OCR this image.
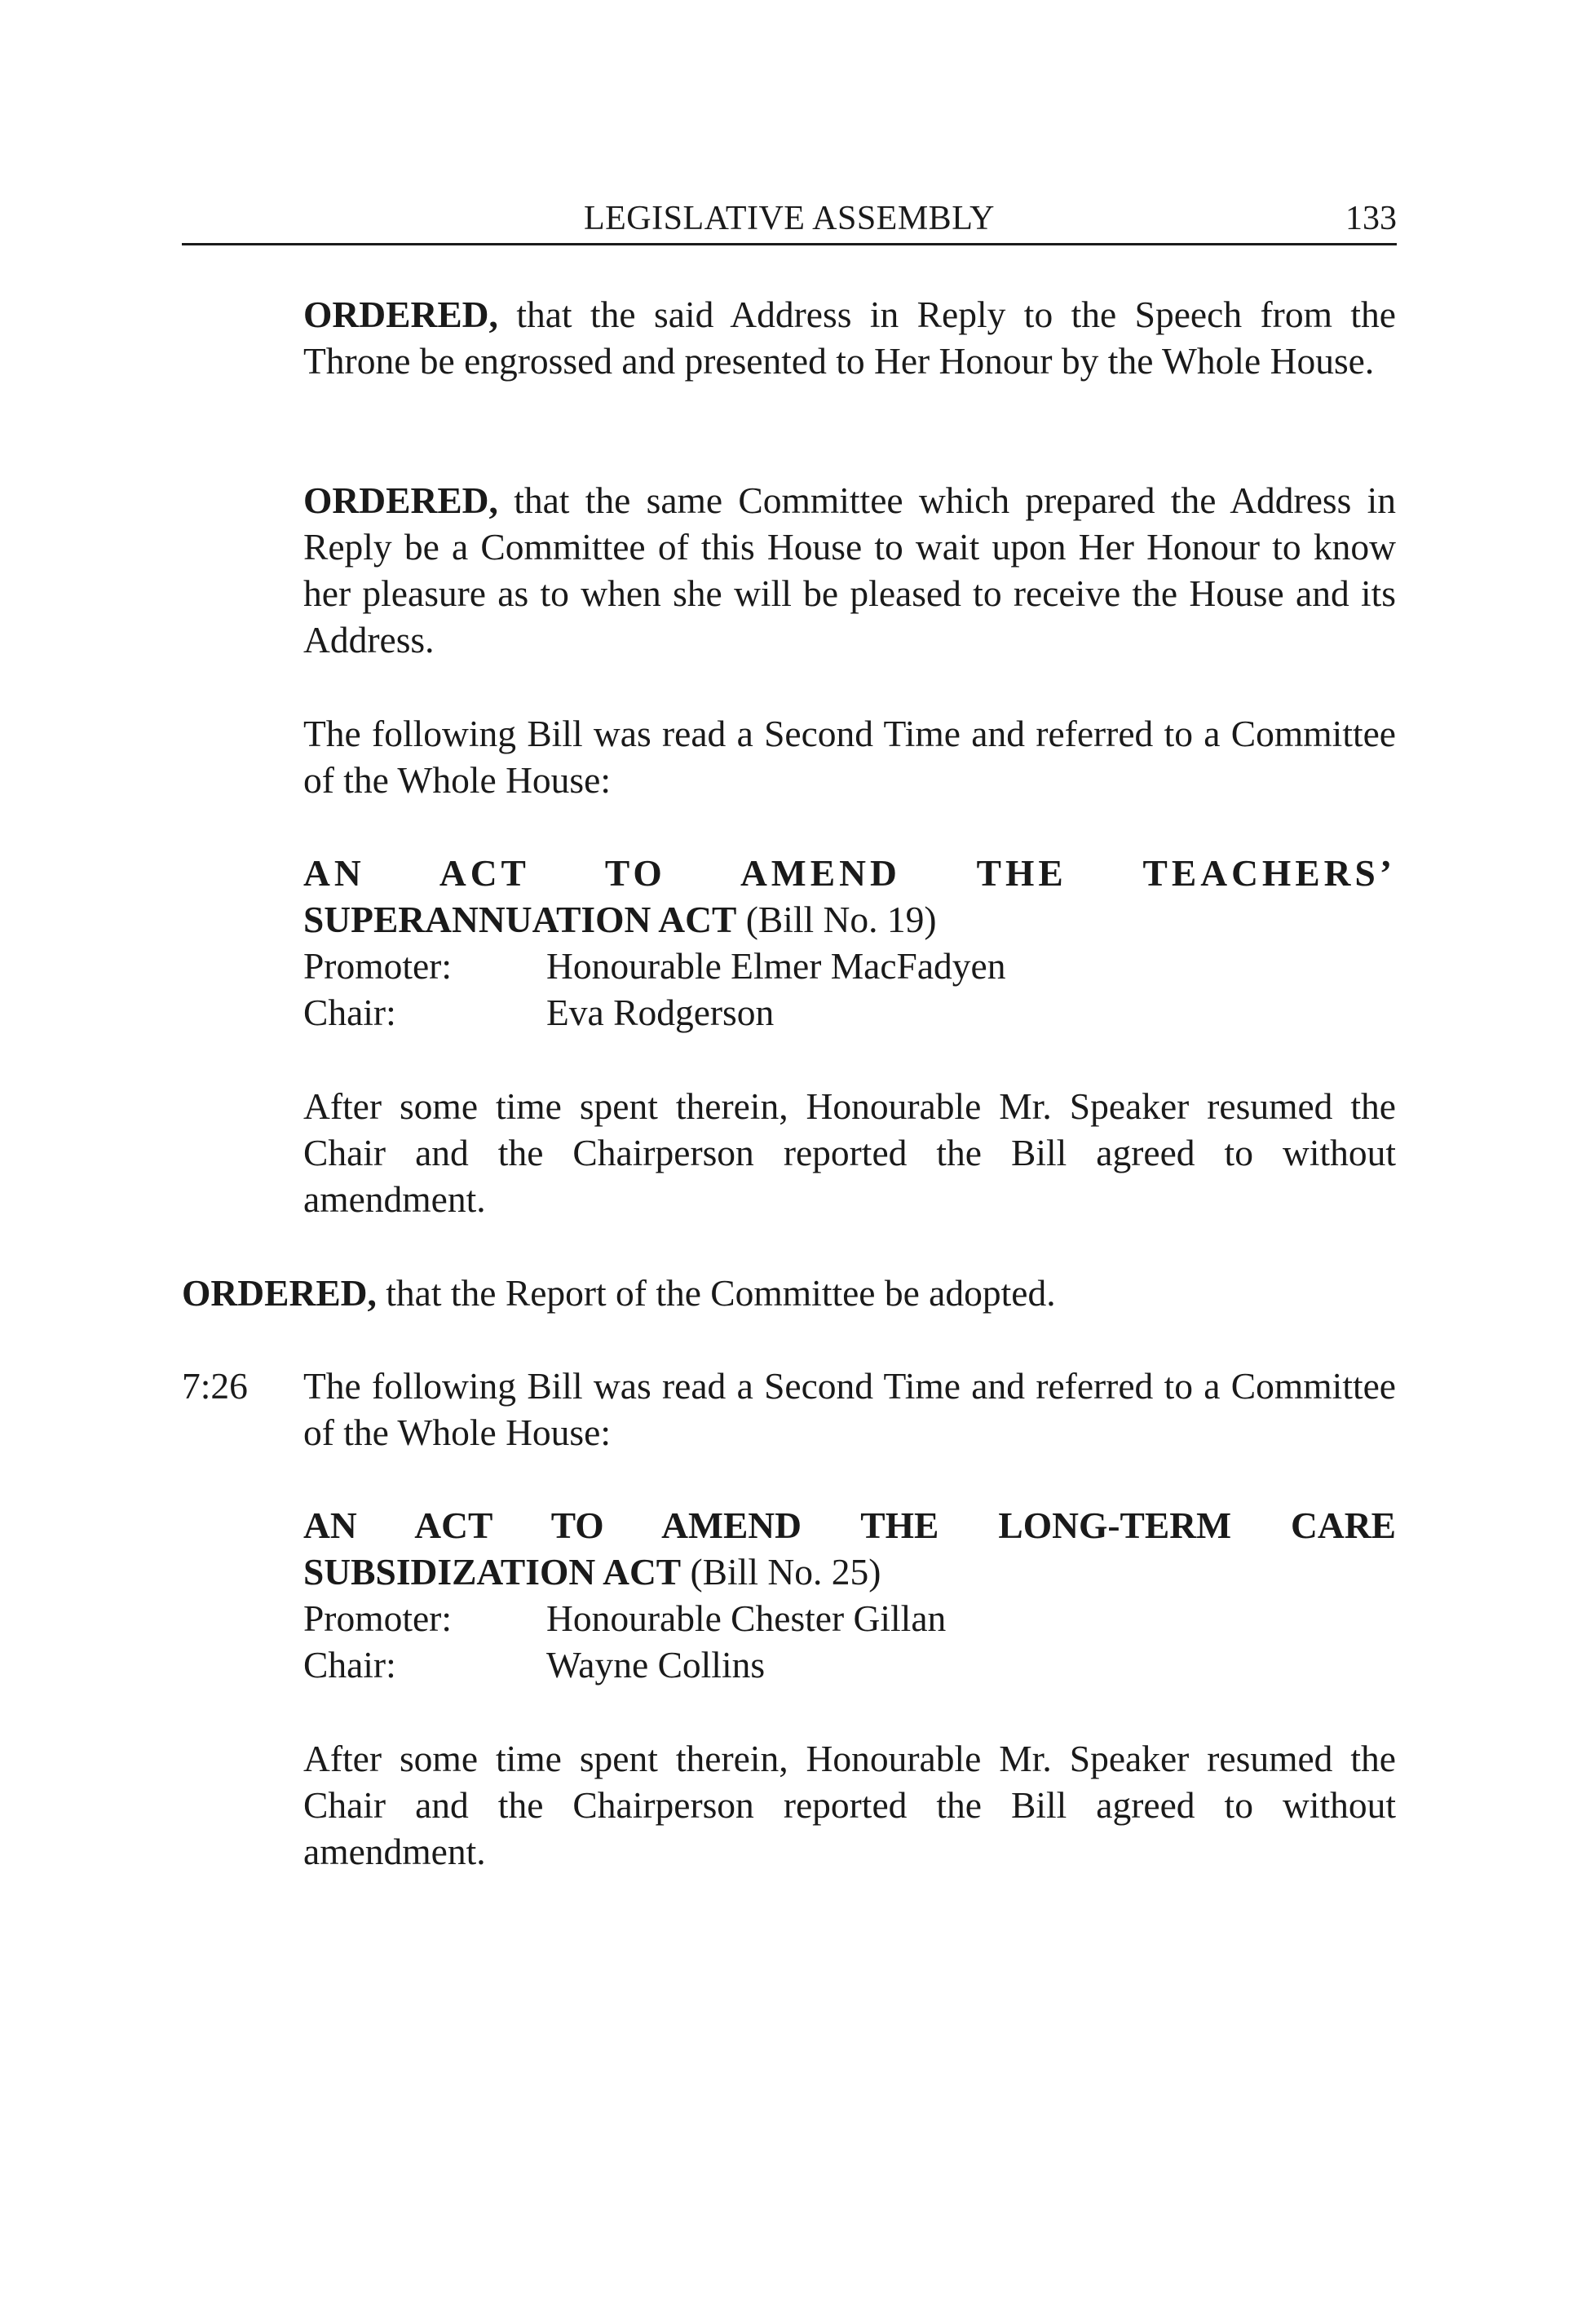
LEGISLATIVE ASSEMBLY	133
ORDERED, that the said Address in Reply to the Speech from the Throne be engrossed and presented to Her Honour by the Whole House.
ORDERED, that the same Committee which prepared the Address in Reply be a Committee of this House to wait upon Her Honour to know her pleasure as to when she will be pleased to receive the House and its Address.
The following Bill was read a Second Time and referred to a Committee of the Whole House:
AN ACT TO AMEND THE TEACHERS’
SUPERANNUATION ACT (Bill No. 19)
Promoter:	Honourable Elmer MacFadyen
Chair:	Eva Rodgerson
After some time spent therein, Honourable Mr. Speaker resumed the Chair and the Chairperson reported the Bill agreed to without amendment.
ORDERED, that the Report of the Committee be adopted.
7:26 The following Bill was read a Second Time and referred to a Committee of the Whole House:
AN ACT TO AMEND THE LONG-TERM CARE
SUBSIDIZATION ACT (Bill No. 25)
Promoter:	Honourable Chester Gillan
Chair:	Wayne Collins
After some time spent therein, Honourable Mr. Speaker resumed the Chair and the Chairperson reported the Bill agreed to without amendment.
